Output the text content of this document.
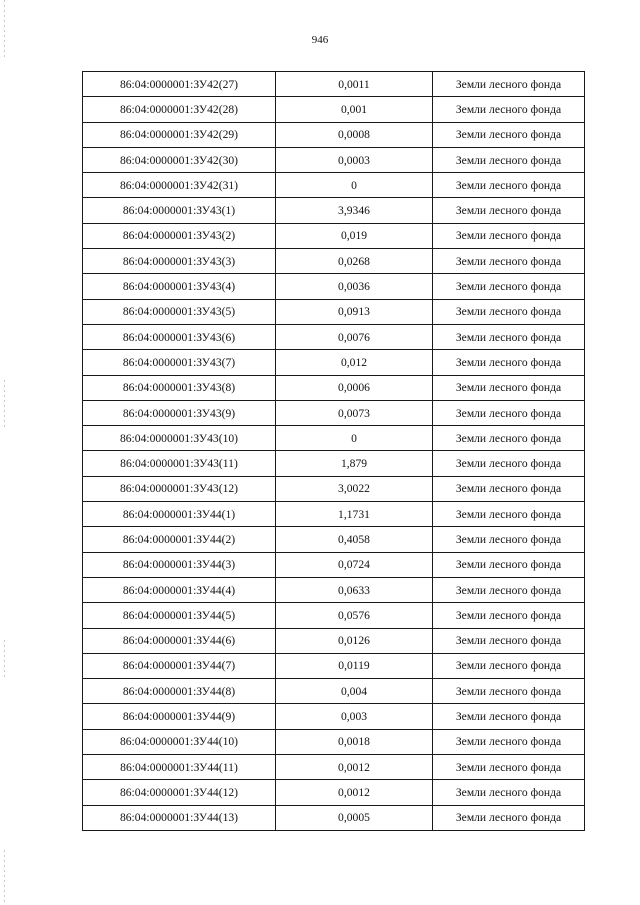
946
86:04:0000001:ЗУ42(27)	0,0011	Земли лесного фонда
86:04:0000001:ЗУ42(28)	0,001	Земли лесного фонда
86:04:0000001:ЗУ42(29)	0,0008	Земли лесного фонда
86:04:0000001:ЗУ42(30)	0,0003	Земли лесного фонда
86:04:0000001:ЗУ42(31)	0	Земли лесного фонда
86:04:0000001:ЗУ43(1)	3,9346	Земли лесного фонда
86:04:0000001:ЗУ43(2)	0,019	Земли лесного фонда
86:04:0000001:ЗУ43(3)	0,0268	Земли лесного фонда
86:04:0000001:ЗУ43(4)	0,0036	Земли лесного фонда
86:04:0000001:ЗУ43(5)	0,0913	Земли лесного фонда
86:04:0000001:ЗУ43(6)	0,0076	Земли лесного фонда
86:04:0000001:ЗУ43(7)	0,012	Земли лесного фонда
86:04:0000001:ЗУ43(8)	0,0006	Земли лесного фонда
86:04:0000001:ЗУ43(9)	0,0073	Земли лесного фонда
86:04:0000001:ЗУ43(10)	0	Земли лесного фонда
86:04:0000001:ЗУ43(11)	1,879	Земли лесного фонда
86:04:0000001:ЗУ43(12)	3,0022	Земли лесного фонда
86:04:0000001:ЗУ44(1)	1,1731	Земли лесного фонда
86:04:0000001:ЗУ44(2)	0,4058	Земли лесного фонда
86:04:0000001:ЗУ44(3)	0,0724	Земли лесного фонда
86:04:0000001:ЗУ44(4)	0,0633	Земли лесного фонда
86:04:0000001:ЗУ44(5)	0,0576	Земли лесного фонда
86:04:0000001:ЗУ44(6)	0,0126	Земли лесного фонда
86:04:0000001:ЗУ44(7)	0,0119	Земли лесного фонда
86:04:0000001:ЗУ44(8)	0,004	Земли лесного фонда
86:04:0000001:ЗУ44(9)	0,003	Земли лесного фонда
86:04:0000001:ЗУ44(10)	0,0018	Земли лесного фонда
86:04:0000001:ЗУ44(11)	0,0012	Земли лесного фонда
86:04:0000001:ЗУ44(12)	0,0012	Земли лесного фонда
86:04:0000001:ЗУ44(13)	0,0005	Земли лесного фонда
